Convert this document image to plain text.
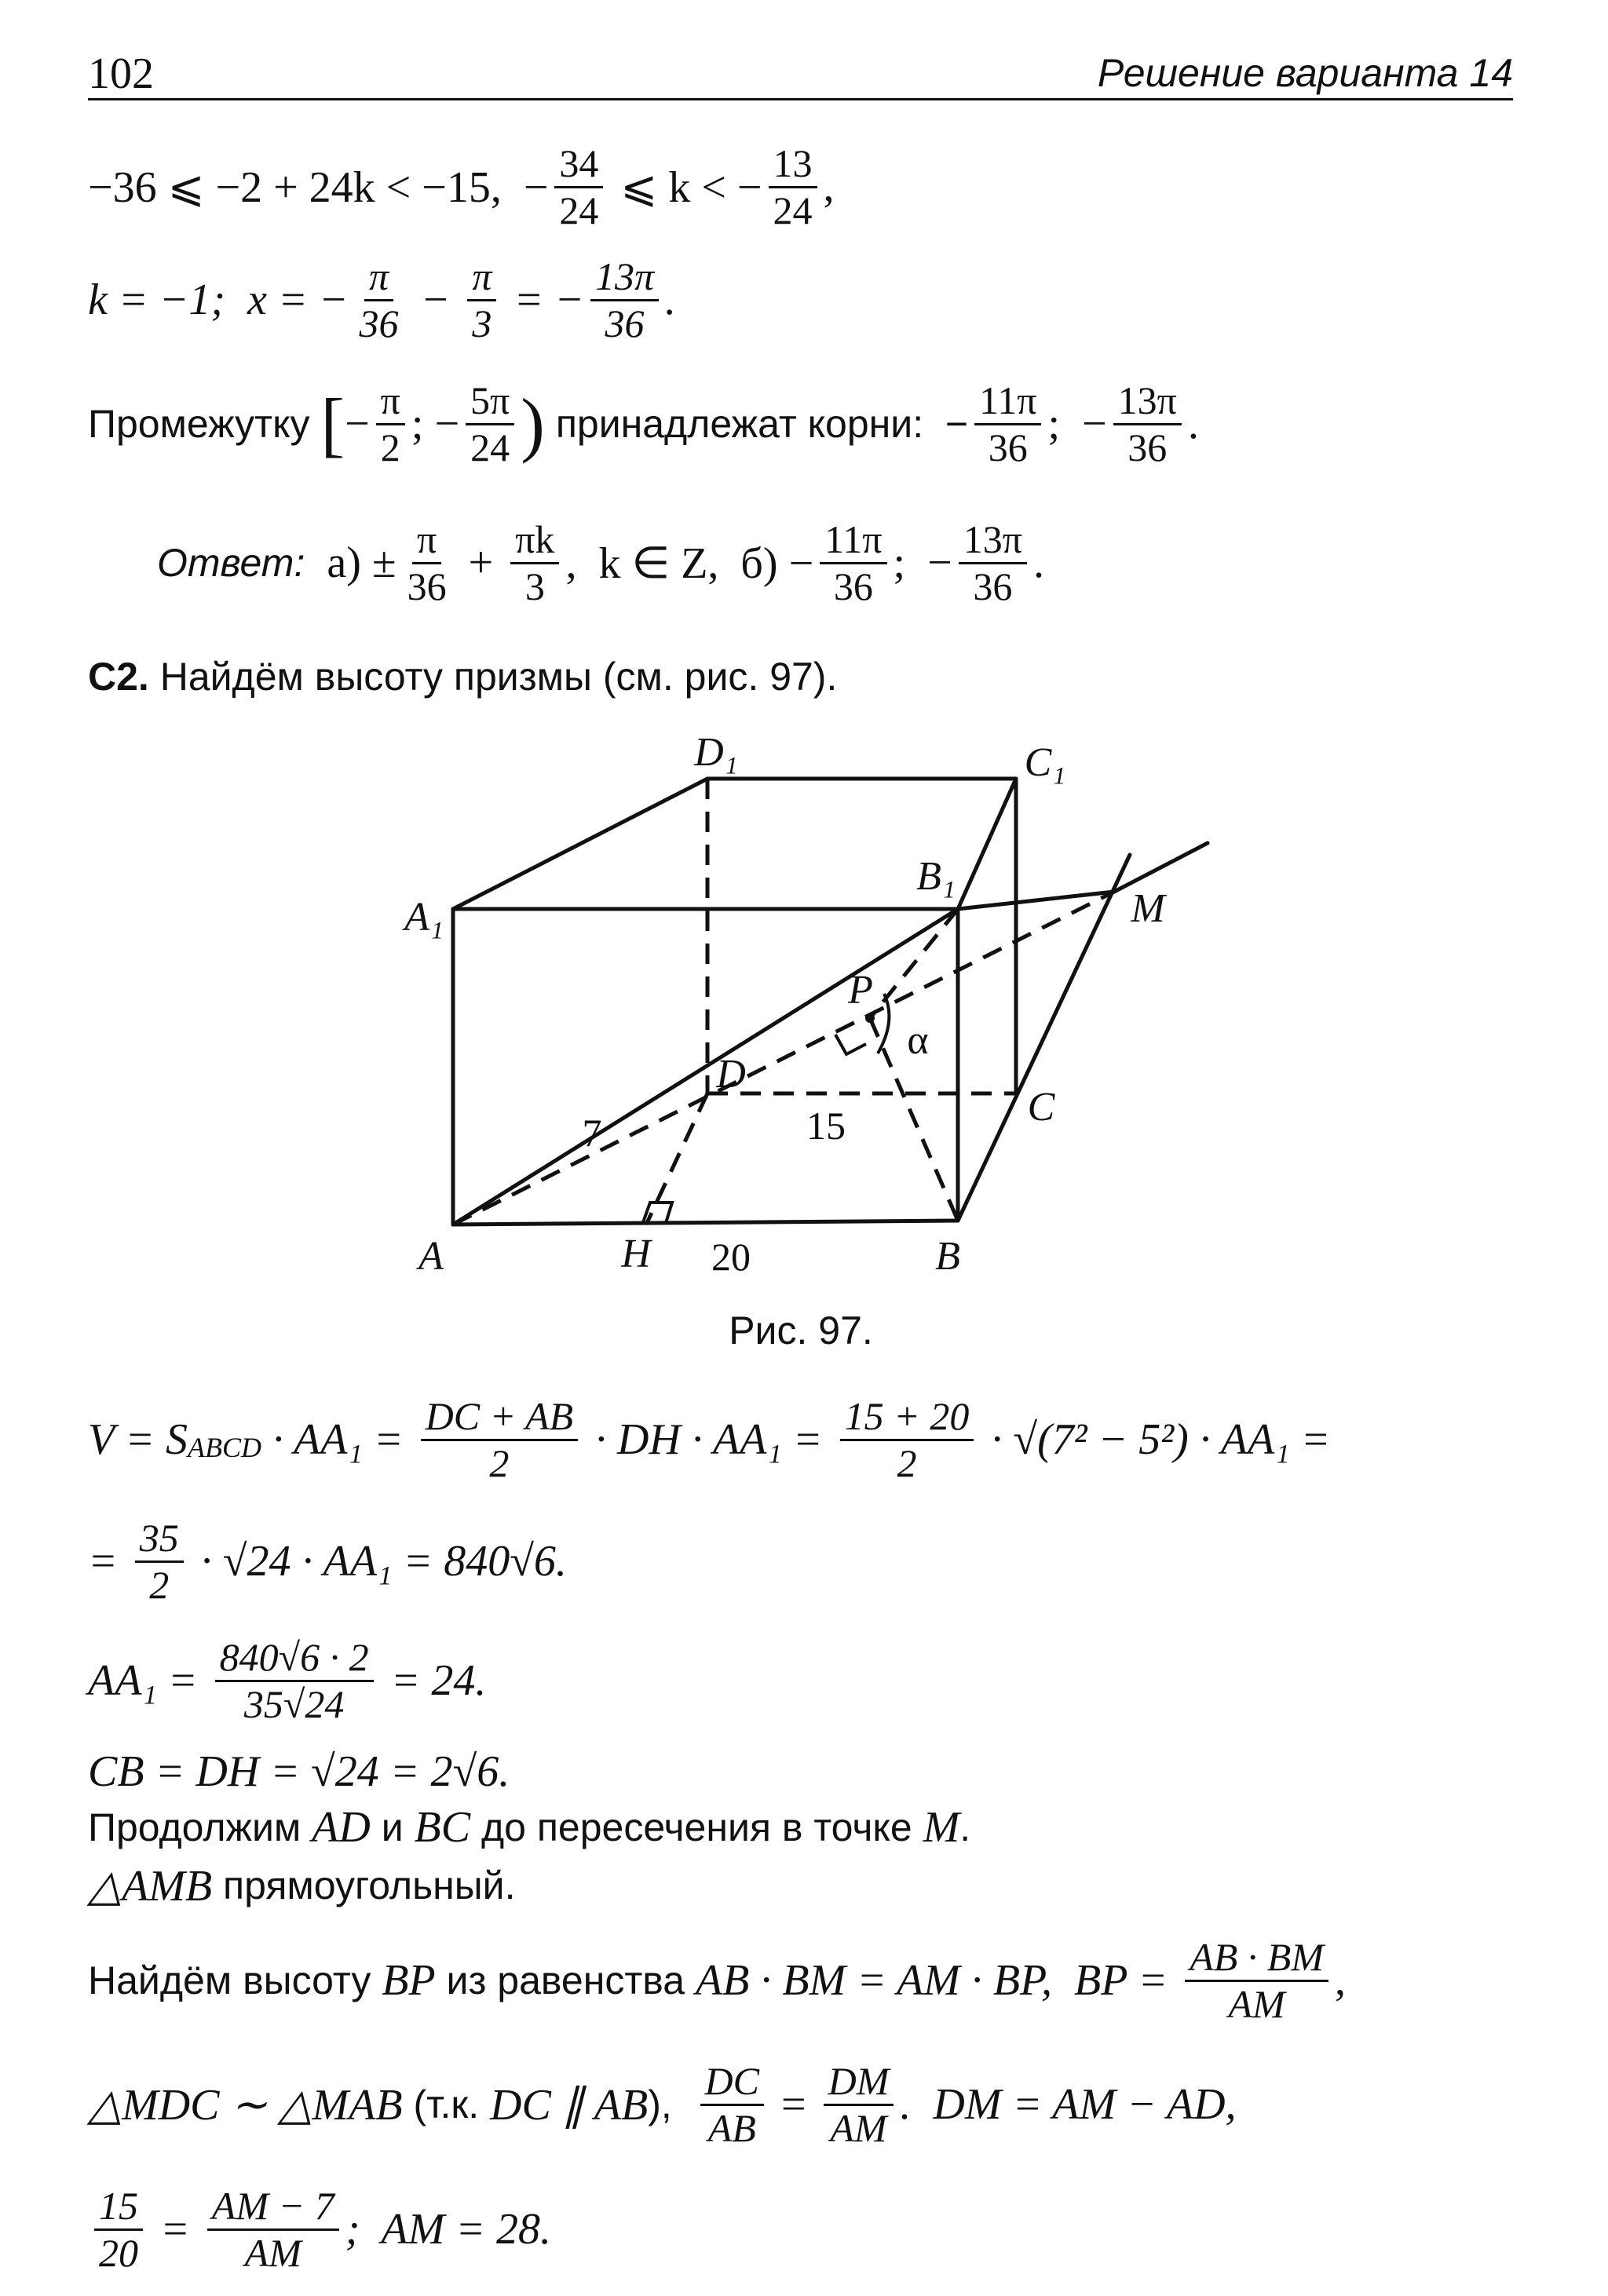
102	Решение варианта 14
−36 ⩽ −2 + 24k < −15,  − $\frac{34}{24}$ ⩽ k < − $\frac{13}{24}$ ,
k = −1;  x = − $\frac{\pi}{36} - \frac{\pi}{3}$ = − $\frac{13\pi}{36}$ .
Промежутку [ − $\frac{\pi}{2}$ ; − $\frac{5\pi}{24}$ ) принадлежат корни:  − $\frac{11\pi}{36}$ ;  − $\frac{13\pi}{36}$ .
Ответ: $а) \pm \frac{\pi}{36} + \frac{\pi k}{3}$ ,  k ∈ Z,  $б) - \frac{11\pi}{36}$ ;  − $\frac{13\pi}{36}$ .
С2. Найдём высоту призмы (см. рис. 97).
D₁	C₁
A₁
B₁
M
P
α
D
C
7	15
A	H 20	B
Рис. 97.
V = S ABCD · $AA_1 = \frac{DC + AB}{2}$ · DH · $AA_1 = \frac{15 + 20}{2} \cdot √(7^2 - 5^2) \cdot AA_1$ =
= $\frac{35}{2} \cdot √24 \cdot AA_1 = 840√6$.
$AA_1 = \frac{840√6 \cdot 2}{35√24} = 24$.
CB = DH = √24 = 2√6.
Продолжим AD и BC до пересечения в точке M .
△AMB прямоугольный.
Найдём высоту BP из равенства AB · BM = AM · BP,  BP = $\frac{AB \cdot BM}{AM}$ ,
△MDC ∼ △MAB (т.к. DC ∥ AB ), $\frac{DC}{AB} = \frac{DM}{AM}$ .  DM = AM − AD,
$\frac{15}{20} = \frac{AM - 7}{AM}$ ;  AM = 28.
